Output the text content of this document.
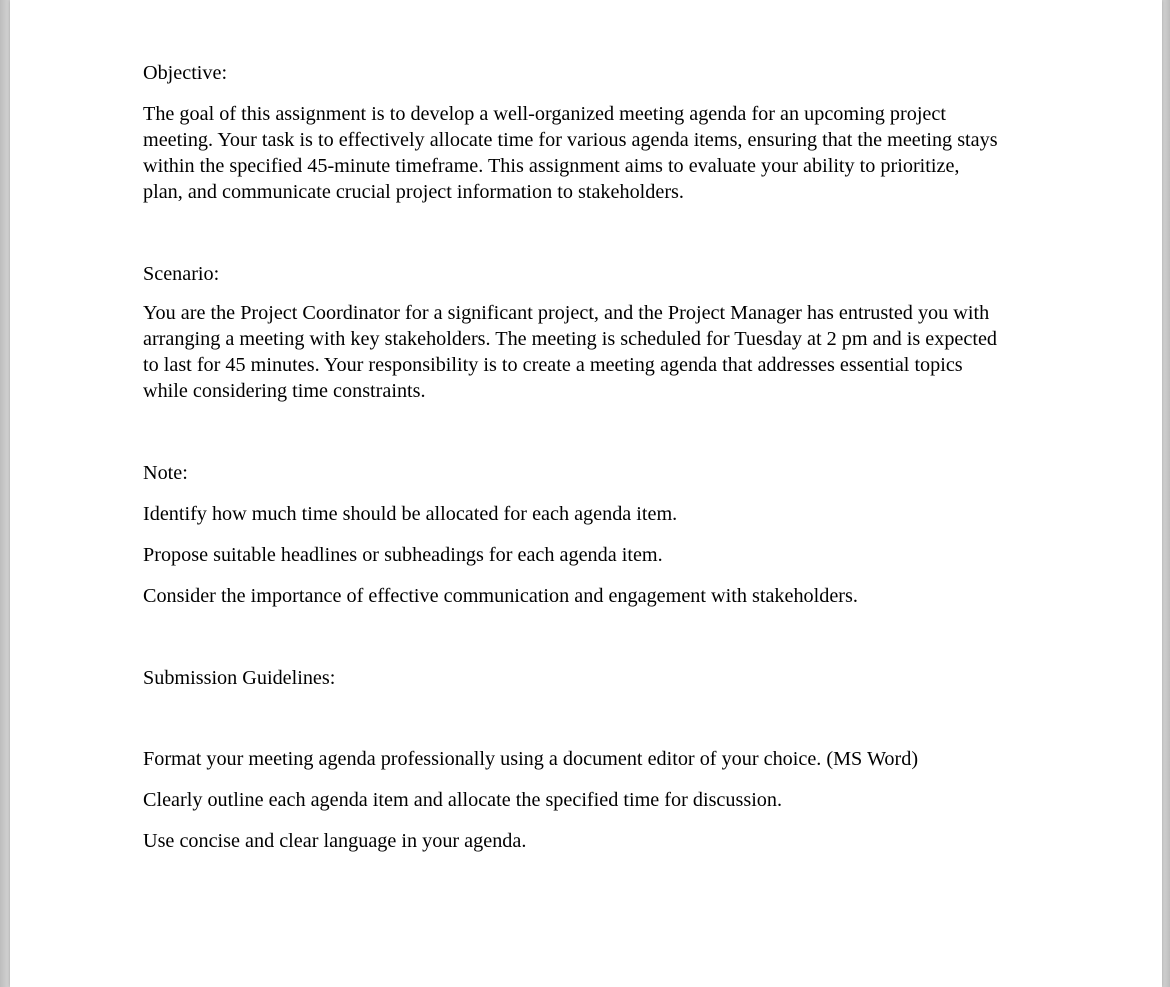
Objective:
The goal of this assignment is to develop a well-organized meeting agenda for an upcoming project
meeting. Your task is to effectively allocate time for various agenda items, ensuring that the meeting stays
within the specified 45-minute timeframe. This assignment aims to evaluate your ability to prioritize,
plan, and communicate crucial project information to stakeholders.
Scenario:
You are the Project Coordinator for a significant project, and the Project Manager has entrusted you with
arranging a meeting with key stakeholders. The meeting is scheduled for Tuesday at 2 pm and is expected
to last for 45 minutes. Your responsibility is to create a meeting agenda that addresses essential topics
while considering time constraints.
Note:
Identify how much time should be allocated for each agenda item.
Propose suitable headlines or subheadings for each agenda item.
Consider the importance of effective communication and engagement with stakeholders.
Submission Guidelines:
Format your meeting agenda professionally using a document editor of your choice. (MS Word)
Clearly outline each agenda item and allocate the specified time for discussion.
Use concise and clear language in your agenda.
